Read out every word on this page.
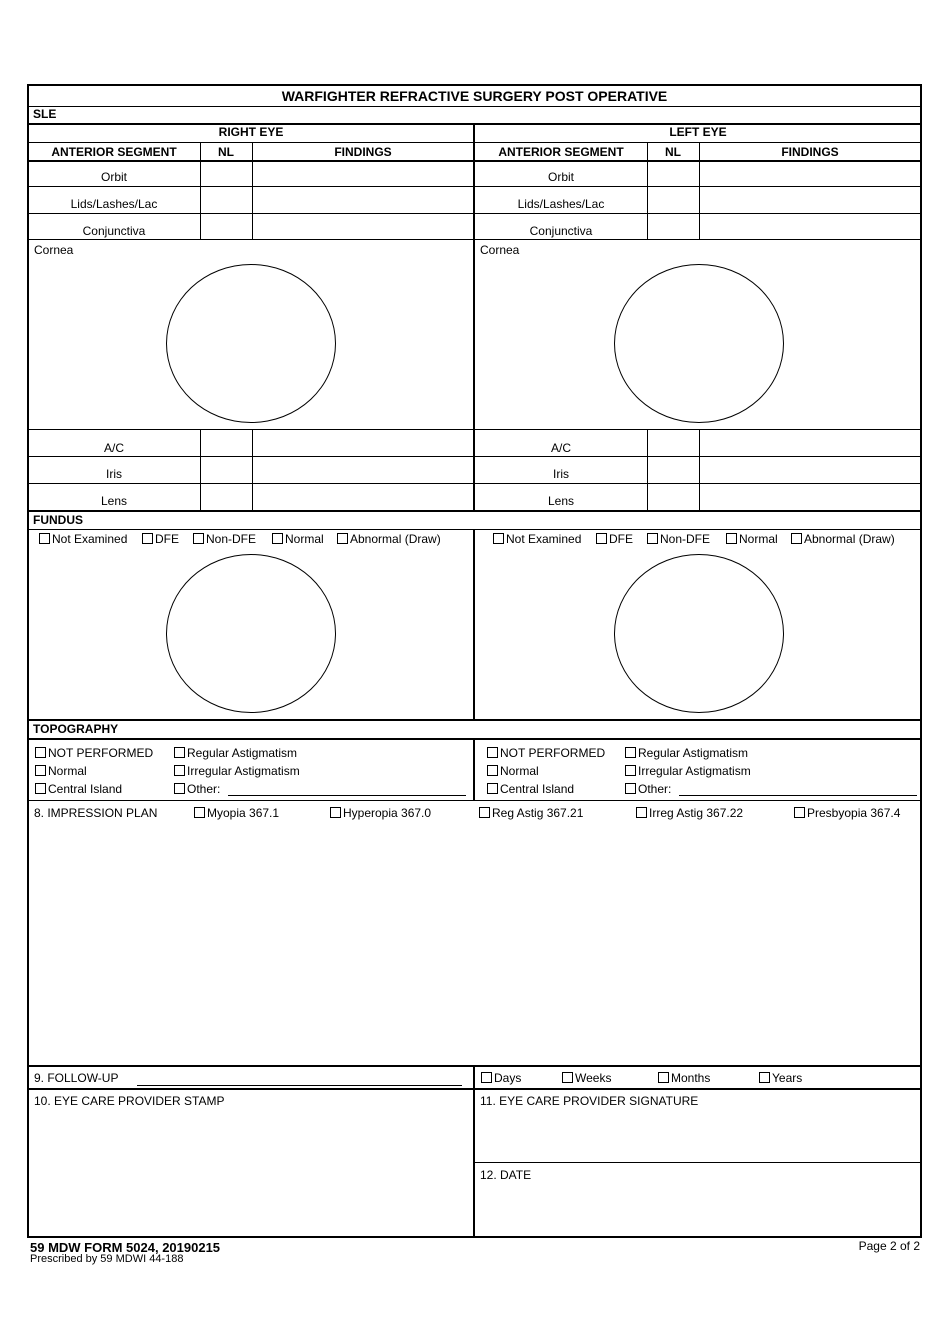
WARFIGHTER REFRACTIVE SURGERY POST OPERATIVE
SLE
RIGHT EYE	LEFT EYE
ANTERIOR SEGMENT	NL	FINDINGS	ANTERIOR SEGMENT	NL	FINDINGS
Orbit	Orbit
Lids/Lashes/Lac	Lids/Lashes/Lac
Conjunctiva	Conjunctiva
Cornea	Cornea
A/C	A/C
Iris	Iris
Lens	Lens
FUNDUS
Not Examined	DFE	Non-DFE	Normal	Abnormal (Draw)	Not Examined	DFE	Non-DFE	Normal	Abnormal (Draw)
TOPOGRAPHY
NOT PERFORMED
Normal
Central Island
Regular Astigmatism
Irregular Astigmatism
Other:
NOT PERFORMED
Normal
Central Island
Regular Astigmatism
Irregular Astigmatism
Other:
8. IMPRESSION PLAN	Myopia 367.1	Hyperopia 367.0	Reg Astig 367.21	Irreg Astig 367.22	Presbyopia 367.4
9. FOLLOW-UP	Days	Weeks	Months	Years
10. EYE CARE PROVIDER STAMP	11. EYE CARE PROVIDER SIGNATURE
12. DATE
59 MDW FORM 5024, 20190215
Prescribed by 59 MDWI 44-188
Page 2 of 2
